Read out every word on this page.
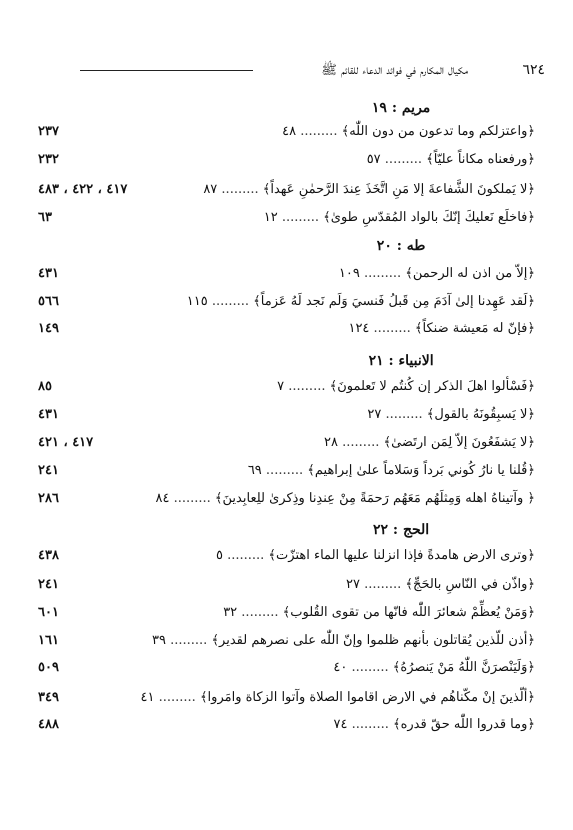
مكيال المكارم في فوائد الدعاء للقائم ﷺ	٦٢٤
مريم : ١٩
﴿واعتزلكم وما تدعون من دون اللّٰه﴾ ......... ٤٨
٢٣٧
﴿ورفعناه مكاناً عليّاً﴾ ......... ٥٧
٢٣٢
﴿لا يَملكونَ الشَّفاعةَ إلا مَنِ اتَّخَذَ عِندَ الرَّحمٰنِ عَهداً﴾ ......... ٨٧
٤١٧ ، ٤٢٢ ، ٤٨٣
طه : ٢٠
﴿فاخلَع نَعليكَ إنّكَ بالواد المُقدّسِ طوىٰ﴾ ......... ١٢
٦٣
﴿إلاّ من اذن له الرحمن﴾ ......... ١٠٩
٤٣١
﴿لَقد عَهِدنا إلىٰ آدَمَ مِن قَبلُ فَنسيَ وَلَم نَجد لَهُ عَزماً﴾ ......... ١١٥
٥٦٦
﴿فإنّ له مَعيشة ضنكاً﴾ ......... ١٢٤
١٤٩
الانبياء : ٢١
﴿فَسْألوا اهلَ الذكر إن كُنتُم لا تَعلمونَ﴾ ......... ٧
٨٥
﴿لا يَسبِقُونَهُ بالقول﴾ ......... ٢٧
٤٣١
﴿لا يَشفَعُونَ إلاّ لِمَن ارتَضىٰ﴾ ......... ٢٨
٤١٧ ، ٤٢١
﴿قُلنا يا نارُ كُوني بَرداً وَسَلاماً علىٰ إبراهيم﴾ ......... ٦٩
٢٤١
﴿ وآتيناهُ اهله وَمِثلَهُم مَعَهُم رَحمَةً مِنْ عِندِنا وذِكرىٰ للِعابِدينَ﴾ ......... ٨٤
٢٨٦
الحج : ٢٢
﴿وترى الارض هامدةً فإذا انزلنا عليها الماء اهتزّت﴾ ......... ٥
٤٣٨
﴿واذّن في النّاسِ بالحَجِّ﴾ ......... ٢٧
٢٤١
﴿وَمَنْ يُعظِّمْ شعائرَ اللّٰه فانّها من تقوى القُلوب﴾ ......... ٣٢
٦٠١
﴿أذن للّذين يُقاتلون بأنهم ظلموا وإنّ اللّٰه على نصرهم لقدير﴾ ......... ٣٩
١٦١
﴿وَلَيَنْصرَنَّ اللّٰهُ مَنْ يَنصرُهُ﴾ ......... ٤٠
٥٠٩
﴿ألّذينَ إنْ مكّناهُم في الارض اقاموا الصلاة وآتوا الزكاة وامَروا﴾ ......... ٤١
٣٤٩
﴿وما قدروا اللّٰه حقّ قدره﴾ ......... ٧٤
٤٨٨
